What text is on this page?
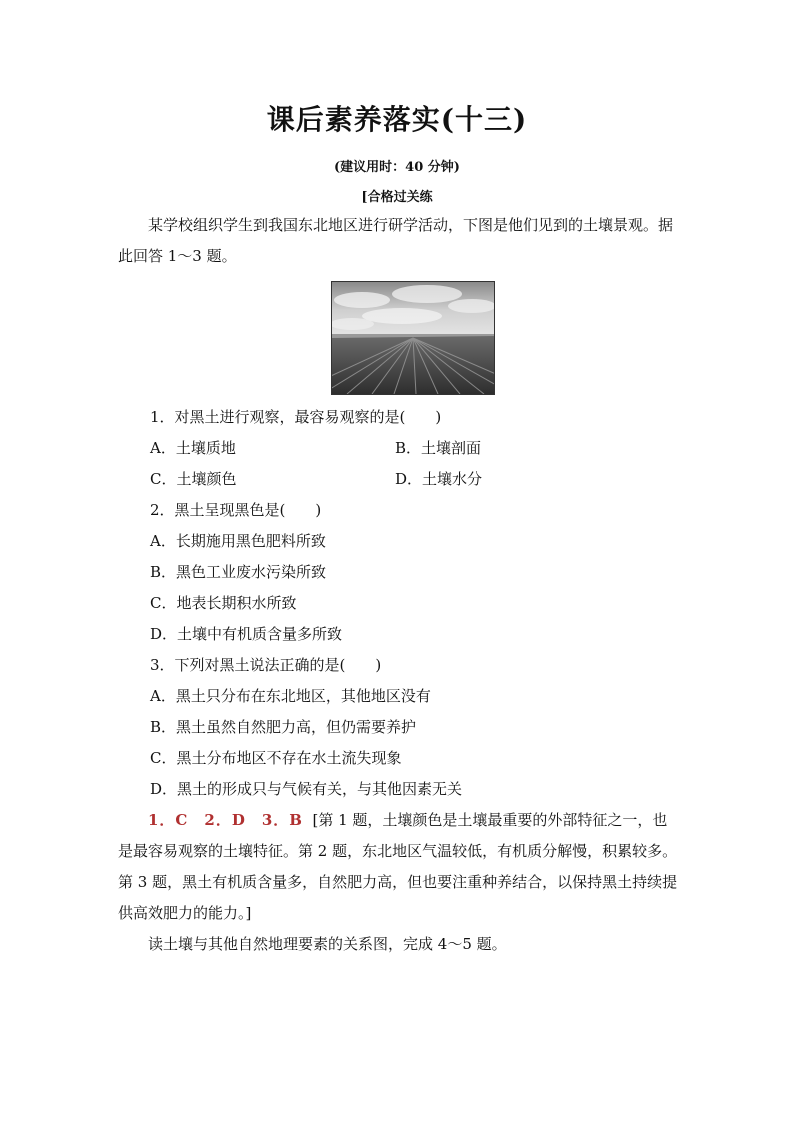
课后素养落实(十三)
(建议用时：40 分钟)
[合格过关练
某学校组织学生到我国东北地区进行研学活动，下图是他们见到的土壤景观。据此回答 1～3 题。
1．对黑土进行观察，最容易观察的是(　　)
A．土壤质地	B．土壤剖面
C．土壤颜色	D．土壤水分
2．黑土呈现黑色是(　　)
A．长期施用黑色肥料所致
B．黑色工业废水污染所致
C．地表长期积水所致
D．土壤中有机质含量多所致
3．下列对黑土说法正确的是(　　)
A．黑土只分布在东北地区，其他地区没有
B．黑土虽然自然肥力高，但仍需要养护
C．黑土分布地区不存在水土流失现象
D．黑土的形成只与气候有关，与其他因素无关
1．C　2．D　3．B [第 1 题，土壤颜色是土壤最重要的外部特征之一，也是最容易观察的土壤特征。第 2 题，东北地区气温较低，有机质分解慢，积累较多。第 3 题，黑土有机质含量多，自然肥力高，但也要注重种养结合，以保持黑土持续提供高效肥力的能力。]
读土壤与其他自然地理要素的关系图，完成 4～5 题。
